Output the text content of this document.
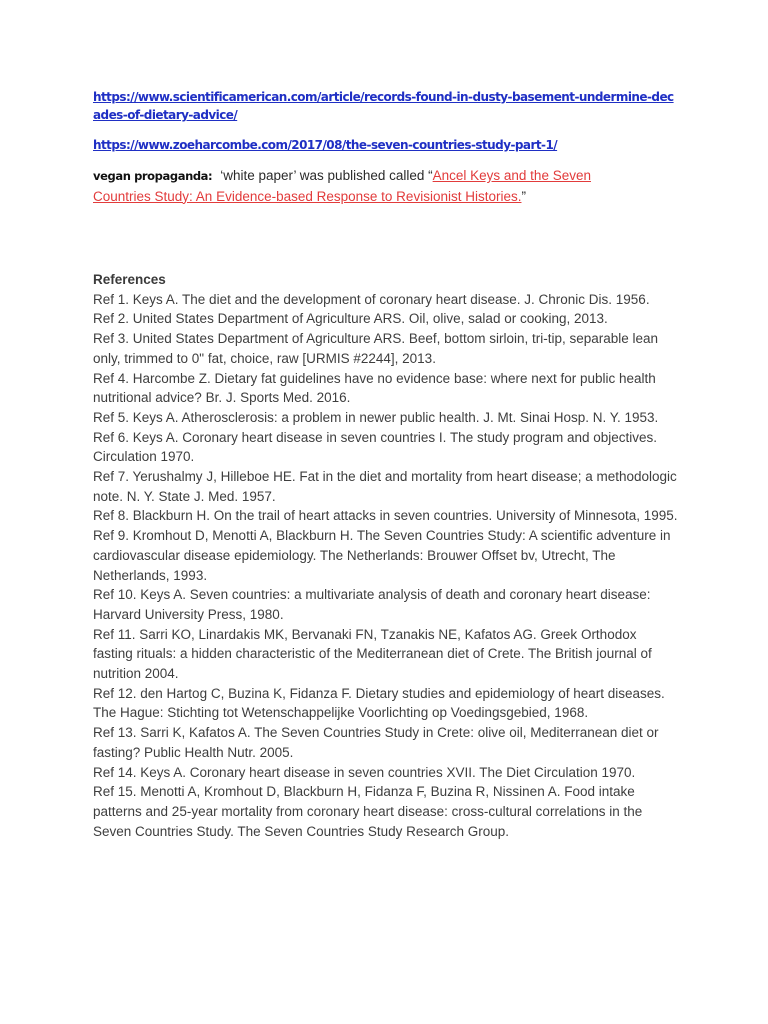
https://www.scientificamerican.com/article/records-found-in-dusty-basement-undermine-decades-of-dietary-advice/
https://www.zoeharcombe.com/2017/08/the-seven-countries-study-part-1/
vegan propaganda: ‘white paper’ was published called “Ancel Keys and the Seven Countries Study: An Evidence-based Response to Revisionist Histories.”
References
Ref 1. Keys A. The diet and the development of coronary heart disease. J. Chronic Dis. 1956.
Ref 2. United States Department of Agriculture ARS. Oil, olive, salad or cooking, 2013.
Ref 3. United States Department of Agriculture ARS. Beef, bottom sirloin, tri-tip, separable lean only, trimmed to 0" fat, choice, raw [URMIS #2244], 2013.
Ref 4. Harcombe Z. Dietary fat guidelines have no evidence base: where next for public health nutritional advice? Br. J. Sports Med. 2016.
Ref 5. Keys A. Atherosclerosis: a problem in newer public health. J. Mt. Sinai Hosp. N. Y. 1953.
Ref 6. Keys A. Coronary heart disease in seven countries I. The study program and objectives. Circulation 1970.
Ref 7. Yerushalmy J, Hilleboe HE. Fat in the diet and mortality from heart disease; a methodologic note. N. Y. State J. Med. 1957.
Ref 8. Blackburn H. On the trail of heart attacks in seven countries. University of Minnesota, 1995.
Ref 9. Kromhout D, Menotti A, Blackburn H. The Seven Countries Study: A scientific adventure in cardiovascular disease epidemiology. The Netherlands: Brouwer Offset bv, Utrecht, The Netherlands, 1993.
Ref 10. Keys A. Seven countries: a multivariate analysis of death and coronary heart disease: Harvard University Press, 1980.
Ref 11. Sarri KO, Linardakis MK, Bervanaki FN, Tzanakis NE, Kafatos AG. Greek Orthodox fasting rituals: a hidden characteristic of the Mediterranean diet of Crete. The British journal of nutrition 2004.
Ref 12. den Hartog C, Buzina K, Fidanza F. Dietary studies and epidemiology of heart diseases. The Hague: Stichting tot Wetenschappelijke Voorlichting op Voedingsgebied, 1968.
Ref 13. Sarri K, Kafatos A. The Seven Countries Study in Crete: olive oil, Mediterranean diet or fasting? Public Health Nutr. 2005.
Ref 14. Keys A. Coronary heart disease in seven countries XVII. The Diet Circulation 1970.
Ref 15. Menotti A, Kromhout D, Blackburn H, Fidanza F, Buzina R, Nissinen A. Food intake patterns and 25-year mortality from coronary heart disease: cross-cultural correlations in the Seven Countries Study. The Seven Countries Study Research Group.
